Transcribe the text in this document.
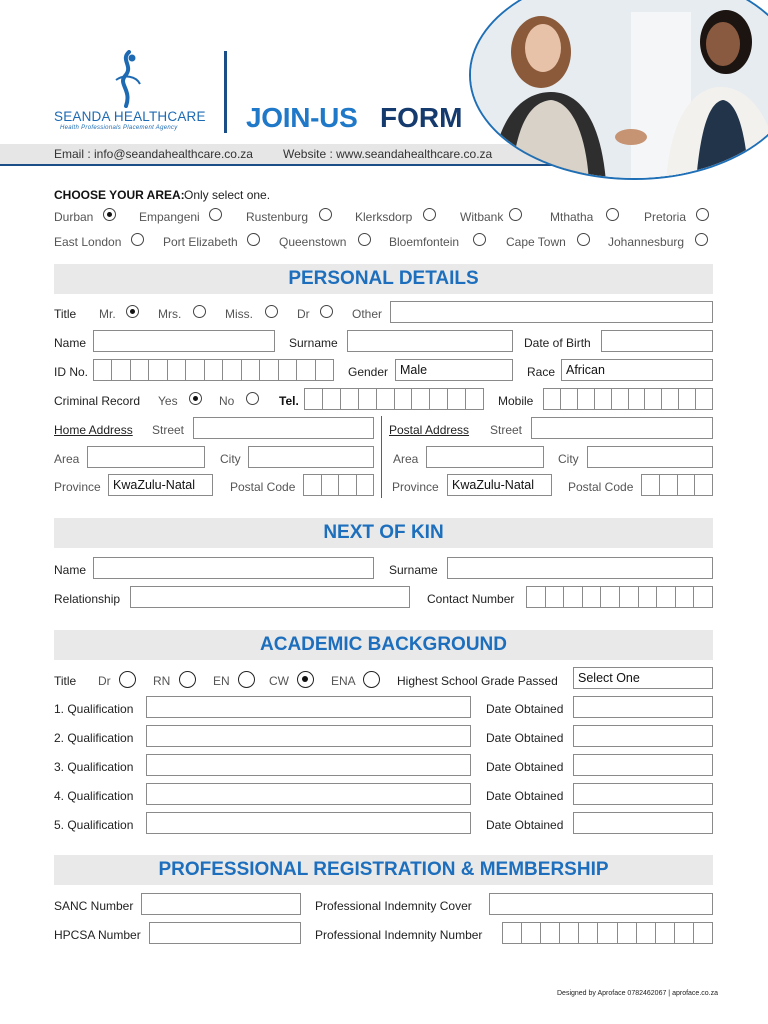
SEANDA HEALTHCARE
Health Professionals Placement Agency JOIN-US FORM
Email : info@seandahealthcare.co.za	Website : www.seandahealthcare.co.za
CHOOSE YOUR AREA: Only select one.
Durban	Empangeni	Rustenburg	Klerksdorp	Witbank	Mthatha	Pretoria
East London	Port Elizabeth	Queenstown	Bloemfontein	Cape Town	Johannesburg
PERSONAL DETAILS
Title Mr.	Mrs.	Miss.	Dr	Other
Name	Surname	Date of Birth
ID No.	Gender Male	Race African
Criminal Record Yes	No	Tel.	Mobile
Home Address Street
Area	City
Province KwaZulu-Natal	Postal Code
Postal Address Street
Area	City
Province	KwaZulu-Natal	Postal Code
NEXT OF KIN
Name	Surname
Relationship	Contact Number
ACADEMIC BACKGROUND
Title Dr	RN	EN	CW	ENA	Highest School Grade Passed	Select One
1. Qualification	Date Obtained
2. Qualification	Date Obtained
3. Qualification	Date Obtained
4. Qualification	Date Obtained
5. Qualification	Date Obtained
PROFESSIONAL REGISTRATION & MEMBERSHIP
SANC Number	Professional Indemnity Cover
HPCSA Number	Professional Indemnity Number
Designed by Aproface 0782462067 | aproface.co.za
